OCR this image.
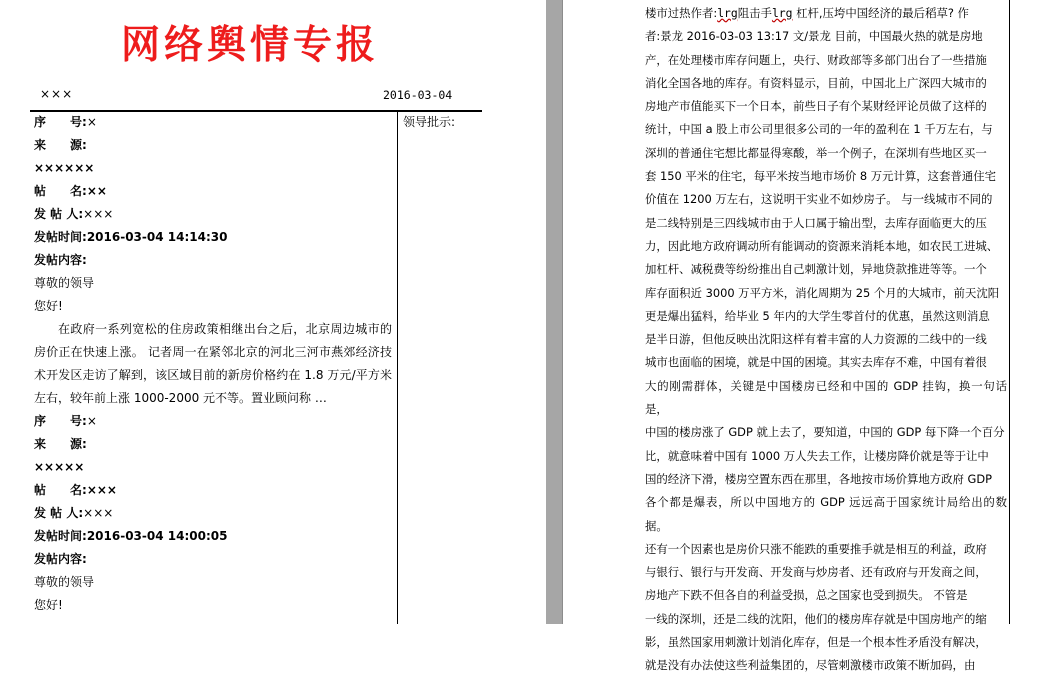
网络舆情专报
×××	2016-03-04
领导批示:
序　　号:×
来　　源:
××××××
帖　　名:××
发 帖 人:×××
发帖时间:2016-03-04 14:14:30
发帖内容:
尊敬的领导
您好!
在政府一系列宽松的住房政策相继出台之后，北京周边城市的房价正在快速上涨。 记者周一在紧邻北京的河北三河市燕郊经济技术开发区走访了解到，该区域目前的新房价格约在 1.8 万元/平方米左右，较年前上涨 1000-2000 元不等。置业顾问称 …
序　　号:×
来　　源:
×××××
帖　　名:×××
发 帖 人:×××
发帖时间:2016-03-04 14:00:05
发帖内容:
尊敬的领导
您好!
楼市过热作者:lrg阻击手lrg 杠杆,压垮中国经济的最后稻草? 作
者:景龙 2016-03-03 13:17 文/景龙 目前，中国最火热的就是房地
产，在处理楼市库存问题上，央行、财政部等多部门出台了一些措施
消化全国各地的库存。有资料显示，目前，中国北上广深四大城市的
房地产市值能买下一个日本，前些日子有个某财经评论员做了这样的
统计，中国 a 股上市公司里很多公司的一年的盈利在 1 千万左右，与
深圳的普通住宅想比都显得寒酸，举一个例子，在深圳有些地区买一
套 150 平米的住宅，每平米按当地市场价 8 万元计算，这套普通住宅
价值在 1200 万左右，这说明干实业不如炒房子。 与一线城市不同的
是二线特别是三四线城市由于人口属于输出型，去库存面临更大的压
力，因此地方政府调动所有能调动的资源来消耗本地，如农民工进城、
加杠杆、减税费等纷纷推出自己刺激计划，异地贷款推进等等。一个
库存面积近 3000 万平方米，消化周期为 25 个月的大城市，前天沈阳
更是爆出猛料，给毕业 5 年内的大学生零首付的优惠，虽然这则消息
是半日游，但他反映出沈阳这样有着丰富的人力资源的二线中的一线
城市也面临的困境，就是中国的困境。其实去库存不难，中国有着很
大的刚需群体，关键是中国楼房已经和中国的 GDP 挂钩，换一句话是，
中国的楼房涨了 GDP 就上去了，要知道，中国的 GDP 每下降一个百分
比，就意味着中国有 1000 万人失去工作，让楼房降价就是等于让中
国的经济下滑，楼房空置东西在那里，各地按市场价算地方政府 GDP
各个都是爆表，所以中国地方的 GDP 远远高于国家统计局给出的数据。
还有一个因素也是房价只涨不能跌的重要推手就是相互的利益，政府
与银行、银行与开发商、开发商与炒房者、还有政府与开发商之间，
房地产下跌不但各自的利益受损，总之国家也受到损失。 不管是
一线的深圳，还是二线的沈阳，他们的楼房库存就是中国房地产的缩
影，虽然国家用刺激计划消化库存，但是一个根本性矛盾没有解决，
就是没有办法使这些利益集团的，尽管刺激楼市政策不断加码，由
